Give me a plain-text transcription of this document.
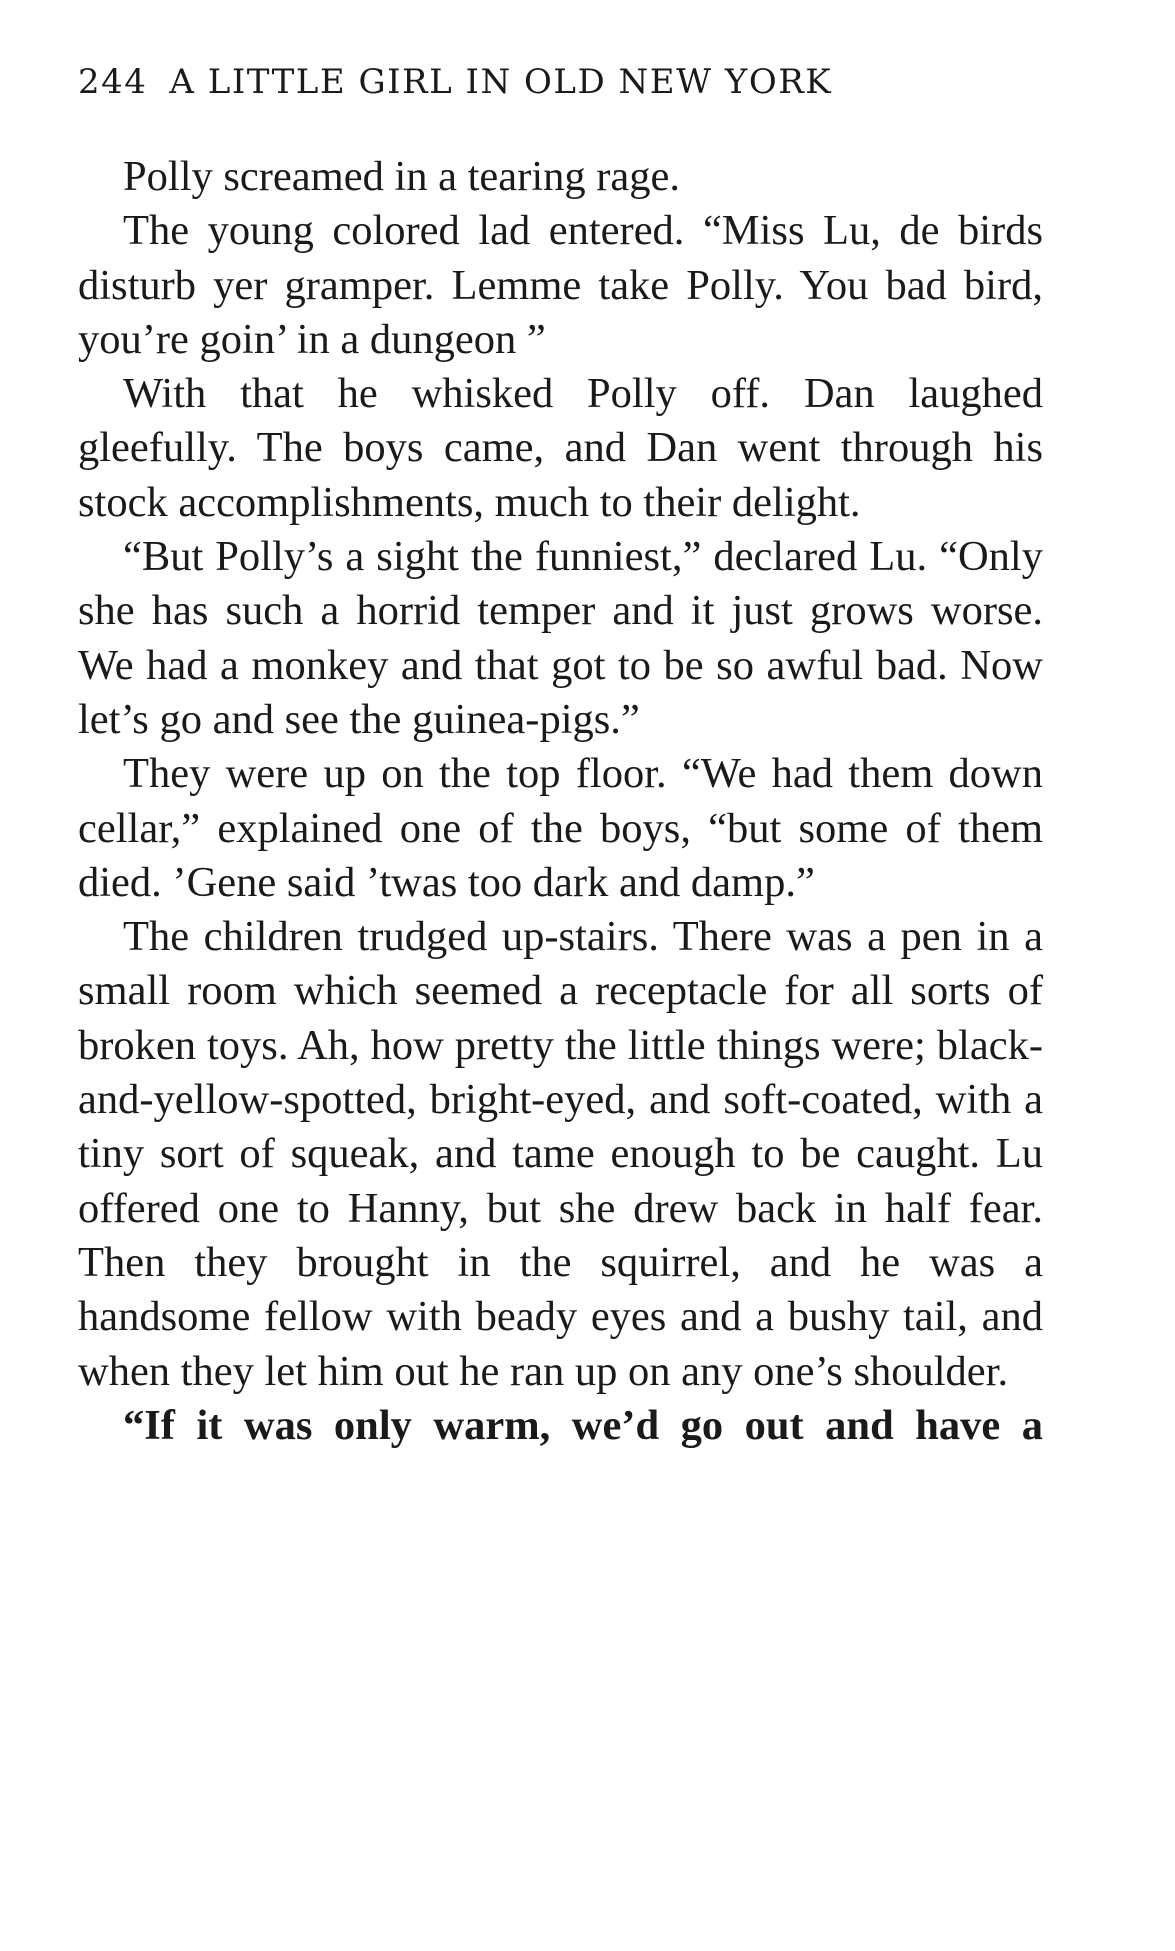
244 A LITTLE GIRL IN OLD NEW YORK

Polly screamed in a tearing rage.

The young colored lad entered. “Miss Lu, de birds disturb yer gramper. Lemme take Polly. You bad bird, you’re goin’ in a dungeon ”

With that he whisked Polly off. Dan laughed gleefully. The boys came, and Dan went through his stock accomplishments, much to their delight.

“But Polly’s a sight the funniest,” declared Lu. “Only she has such a horrid temper and it just grows worse. We had a monkey and that got to be so awful bad. Now let’s go and see the guinea-pigs.”

They were up on the top floor. “We had them down cellar,” explained one of the boys, “but some of them died. ’Gene said ’twas too dark and damp.”

The children trudged up-stairs. There was a pen in a small room which seemed a receptacle for all sorts of broken toys. Ah, how pretty the little things were; black-and-yellow-spotted, bright-eyed, and soft-coated, with a tiny sort of squeak, and tame enough to be caught. Lu offered one to Hanny, but she drew back in half fear. Then they brought in the squirrel, and he was a handsome fellow with beady eyes and a bushy tail, and when they let him out he ran up on any one’s shoulder.

“If it was only warm, we’d go out and have a
